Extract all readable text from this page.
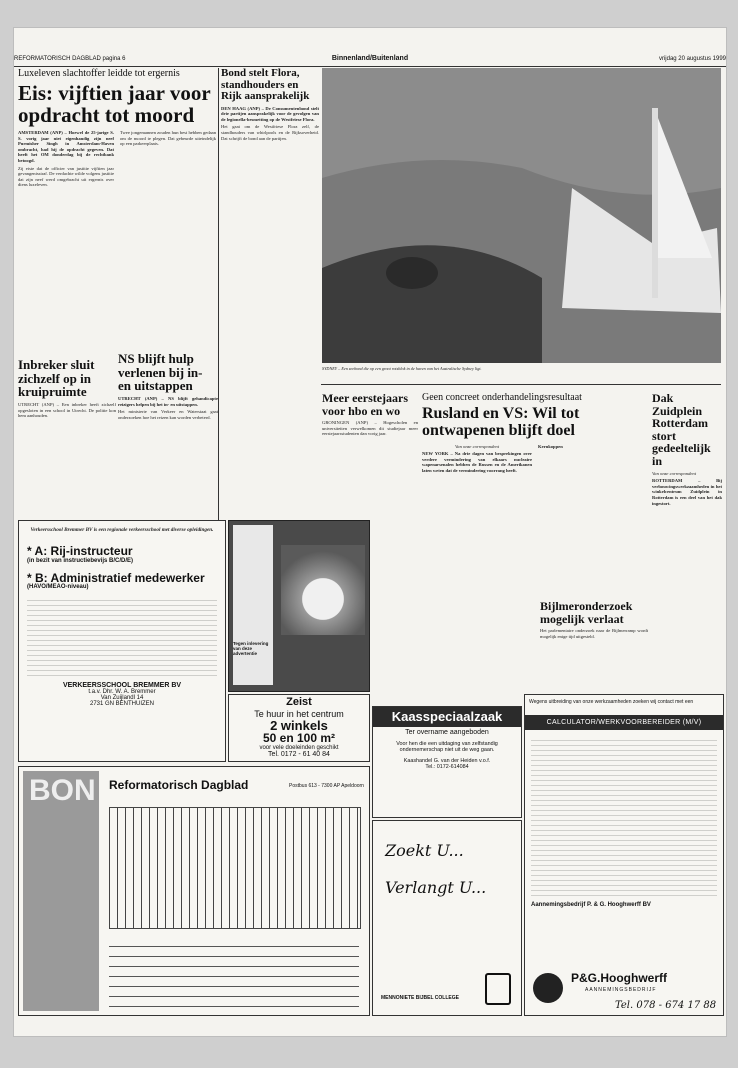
REFORMATORISCH DAGBLAD pagina 6	Binnenland/Buitenland	vrijdag 20 augustus 1999
Luxeleven slachtoffer leidde tot ergernis
Eis: vijftien jaar voor opdracht tot moord

AMSTERDAM (ANP) – Hoewel de 25-jarige S. S. vorig jaar niet eigenhandig zijn neef Purmisher Singh in Amsterdam-Haven ombracht, had hij de opdracht gegeven. Dat heeft het OM donderdag bij de rechtbank betoogd.

Zij eiste dat de officier van justitie vijftien jaar gevangenisstraf. De verdachte wilde volgens justitie dat zijn neef werd omgebracht uit ergernis over diens luxeleven.

Twee jongemannen zouden hun best hebben gedaan om de moord te plegen. Dat gebeurde uiteindelijk op een parkeerplaats.

Bond stelt Flora, standhouders en Rijk aansprakelijk

DEN HAAG (ANP) – De Consumentenbond stelt drie partijen aansprakelijk voor de gevolgen van de legionella-besmetting op de Westfriese Flora.

Het gaat om de Westfriese Flora zelf, de standhouders van whirlpools en de Rijksoverheid. Dat schrijft de bond aan de partijen.

SYDNEY – Een zeehond die op een groot rotsblok in de haven van het Australische Sydney ligt.
Inbreker sluit zichzelf op in kruipruimte

UTRECHT (ANP) – Een inbreker heeft zichzelf opgesloten in een school in Utrecht. De politie kon hem aanhouden.

NS blijft hulp verlenen bij in- en uitstappen

UTRECHT (ANP) – NS blijft gehandicapte reizigers helpen bij het in- en uitstappen.

Het ministerie van Verkeer en Waterstaat gaat onderzoeken hoe het reizen kan worden verbeterd.

Meer eerstejaars voor hbo en wo

GRONINGEN (ANP) – Hogescholen en universiteiten verwelkomen dit studiejaar meer eerstejaarsstudenten dan vorig jaar.

Geen concreet onderhandelingsresultaat
Rusland en VS: Wil tot ontwapenen blijft doel

Van onze correspondent

NEW YORK – Na drie dagen van besprekingen over verdere vermindering van elkaars nucleaire wapenarsenalen hebben de Russen en de Amerikanen laten weten dat de vermindering voorrang heeft.

Kernkoppen

Bijlmeronderzoek mogelijk verlaat

Het parlementaire onderzoek naar de Bijlmerramp wordt mogelijk enige tijd uitgesteld.

Dak Zuidplein Rotterdam stort gedeeltelijk in

Van onze correspondent

ROTTERDAM – Bij verbouwingswerkzaamheden in het winkelcentrum Zuidplein in Rotterdam is een deel van het dak ingestort.

Verkeersschool Bremmer BV is een regionale verkeersschool met diverse opleidingen.
* A: Rij-instructeur
(in bezit van instructiebevijs B/C/D/E)
* B: Administratief medewerker
(HAVO/MEAO-niveau)
VERKEERSSCHOOL BREMMER BV
t.a.v. Dhr. W. A. Bremmer
Van Zuijlandl 14
2731 GN BENTHUIZEN
Tegen inlevering van deze advertentie
Zeist
Te huur in het centrum
2 winkels
50 en 100 m²
voor vele doeleinden geschikt
Tel. 0172 - 61 40 84
Kaasspeciaalzaak
Ter overname aangeboden
Voor hen die een uitdaging van zelfstandig ondernemerschap niet uit de weg gaan.
Kaashandel G. van der Heiden v.o.f.
Tel.: 0172-614084
Zoekt U...
Verlangt U...
MENNONIETE BIJBEL COLLEGE
Wegens uitbreiding van onze werkzaamheden zoeken wij contact met een
CALCULATOR/WERKVOORBEREIDER (M/V)
Aannemingsbedrijf P. & G. Hooghwerff BV
P&G.Hooghwerff
AANNEMINGSBEDRIJF
Tel. 078 - 674 17 88
BON Reformatorisch Dagblad	Postbus 613 - 7300 AP Apeldoorn
